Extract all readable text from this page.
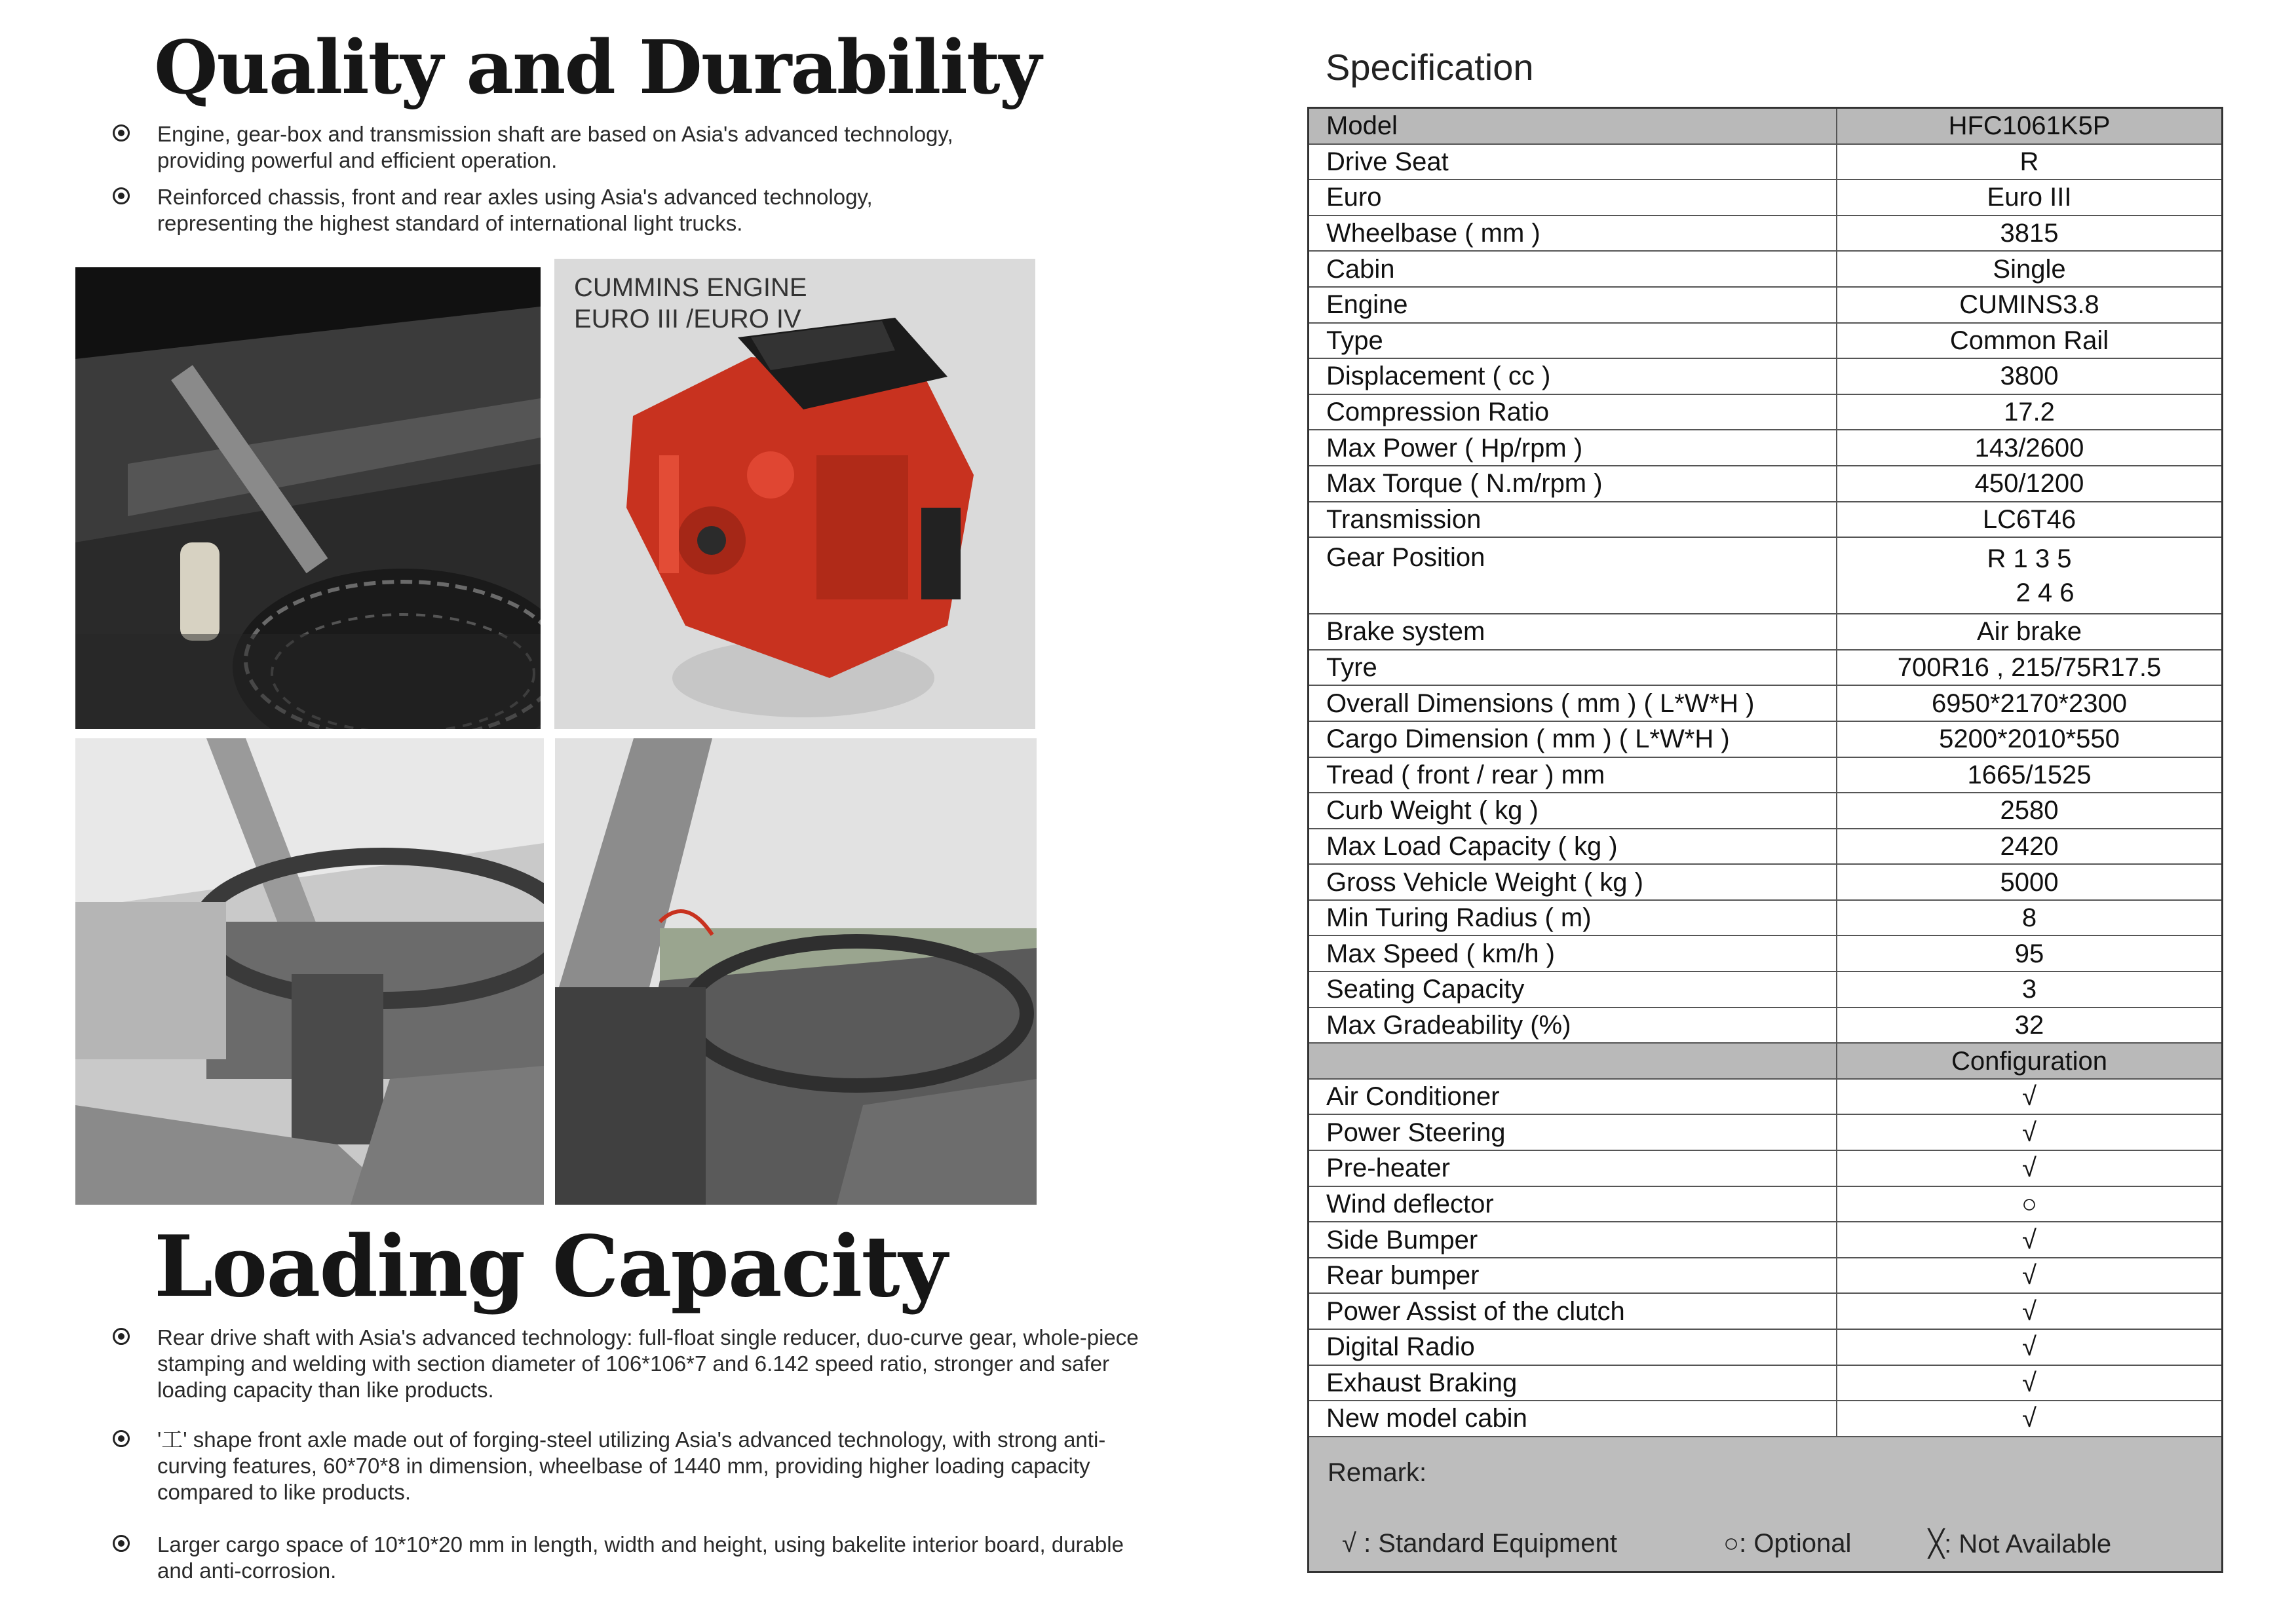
Quality and Durability
Engine, gear-box and transmission shaft are based on Asia's advanced technology, providing powerful and efficient operation.
Reinforced chassis, front and rear axles using Asia's advanced technology, representing the highest standard of international light trucks.
CUMMINS ENGINE
EURO III /EURO IV
Loading Capacity
Rear drive shaft with Asia's advanced technology: full-float single reducer, duo-curve gear, whole-piece stamping and welding with section diameter of 106*106*7 and 6.142 speed ratio, stronger and safer loading capacity than like products.
'工' shape front axle made out of forging-steel utilizing Asia's advanced technology, with strong anti-curving features, 60*70*8 in dimension, wheelbase of 1440 mm, providing higher loading capacity compared to like products.
Larger cargo space of 10*10*20 mm in length, width and height, using bakelite interior board, durable and anti-corrosion.
Specification
Model	HFC1061K5P
Drive Seat	R
Euro	Euro III
Wheelbase ( mm )	3815
Cabin	Single
Engine	CUMINS3.8
Type	Common Rail
Displacement ( cc )	3800
Compression Ratio	17.2
Max Power ( Hp/rpm )	143/2600
Max Torque ( N.m/rpm )	450/1200
Transmission	LC6T46
Gear Position	R 1 3 5
2 4 6

Brake system	Air brake
Tyre	700R16 , 215/75R17.5
Overall Dimensions ( mm ) ( L*W*H )	6950*2170*2300
Cargo Dimension ( mm ) ( L*W*H )	5200*2010*550
Tread ( front / rear ) mm	1665/1525
Curb Weight ( kg )	2580
Max Load Capacity ( kg )	2420
Gross Vehicle Weight ( kg )	5000
Min Turing Radius ( m)	8
Max Speed ( km/h )	95
Seating Capacity	3
Max Gradeability (%)	32
	Configuration
Air Conditioner	√
Power Steering	√
Pre-heater	√
Wind deflector	○
Side Bumper	√
Rear bumper	√
Power Assist of the clutch	√
Digital Radio	√
Exhaust Braking	√
New model cabin	√
Remark:
√ : Standard Equipment	○: Optional	╳: Not Available
